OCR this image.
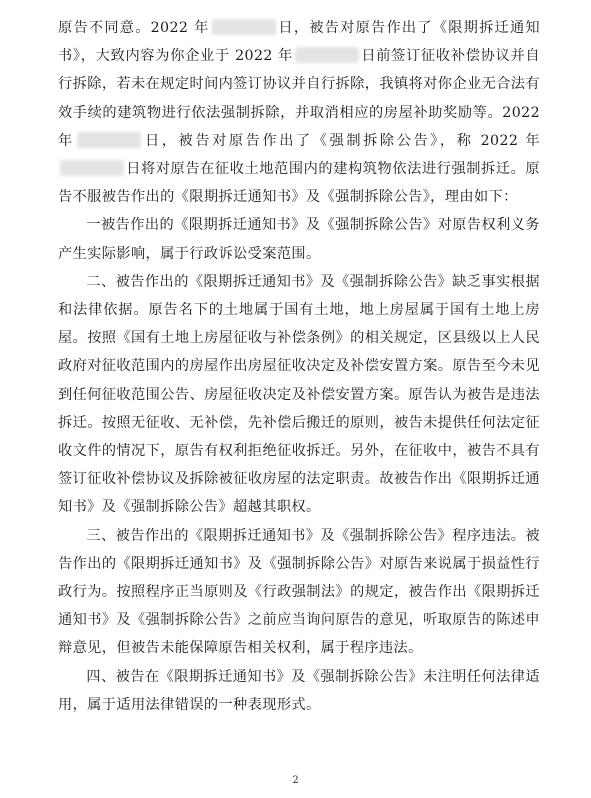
原告不同意。2022 年	日，被告对原告作出了《限期拆迁通知书》，大致内容为你企业于 2022 年	日前签订征收补偿协议并自行拆除，若未在规定时间内签订协议并自行拆除，我镇将对你企业无合法有效手续的建筑物进行依法强制拆除，并取消相应的房屋补助奖励等。2022 年	日，被告对原告作出了《强制拆除公告》，称 2022 年日将对原告在征收土地范围内的建构筑物依法进行强制拆迁。原告不服被告作出的《限期拆迁通知书》及《强制拆除公告》，理由如下：

一被告作出的《限期拆迁通知书》及《强制拆除公告》对原告权利义务产生实际影响，属于行政诉讼受案范围。

二、被告作出的《限期拆迁通知书》及《强制拆除公告》缺乏事实根据和法律依据。原告名下的土地属于国有土地，地上房屋属于国有土地上房屋。按照《国有土地上房屋征收与补偿条例》的相关规定，区县级以上人民政府对征收范围内的房屋作出房屋征收决定及补偿安置方案。原告至今未见到任何征收范围公告、房屋征收决定及补偿安置方案。原告认为被告是违法拆迁。按照无征收、无补偿，先补偿后搬迁的原则，被告未提供任何法定征收文件的情况下，原告有权利拒绝征收拆迁。另外，在征收中，被告不具有签订征收补偿协议及拆除被征收房屋的法定职责。故被告作出《限期拆迁通知书》及《强制拆除公告》超越其职权。

三、被告作出的《限期拆迁通知书》及《强制拆除公告》程序违法。被告作出的《限期拆迁通知书》及《强制拆除公告》对原告来说属于损益性行政行为。按照程序正当原则及《行政强制法》的规定，被告作出《限期拆迁通知书》及《强制拆除公告》之前应当询问原告的意见，听取原告的陈述申辩意见，但被告未能保障原告相关权利，属于程序违法。

四、被告在《限期拆迁通知书》及《强制拆除公告》未注明任何法律适用，属于适用法律错误的一种表现形式。

2
